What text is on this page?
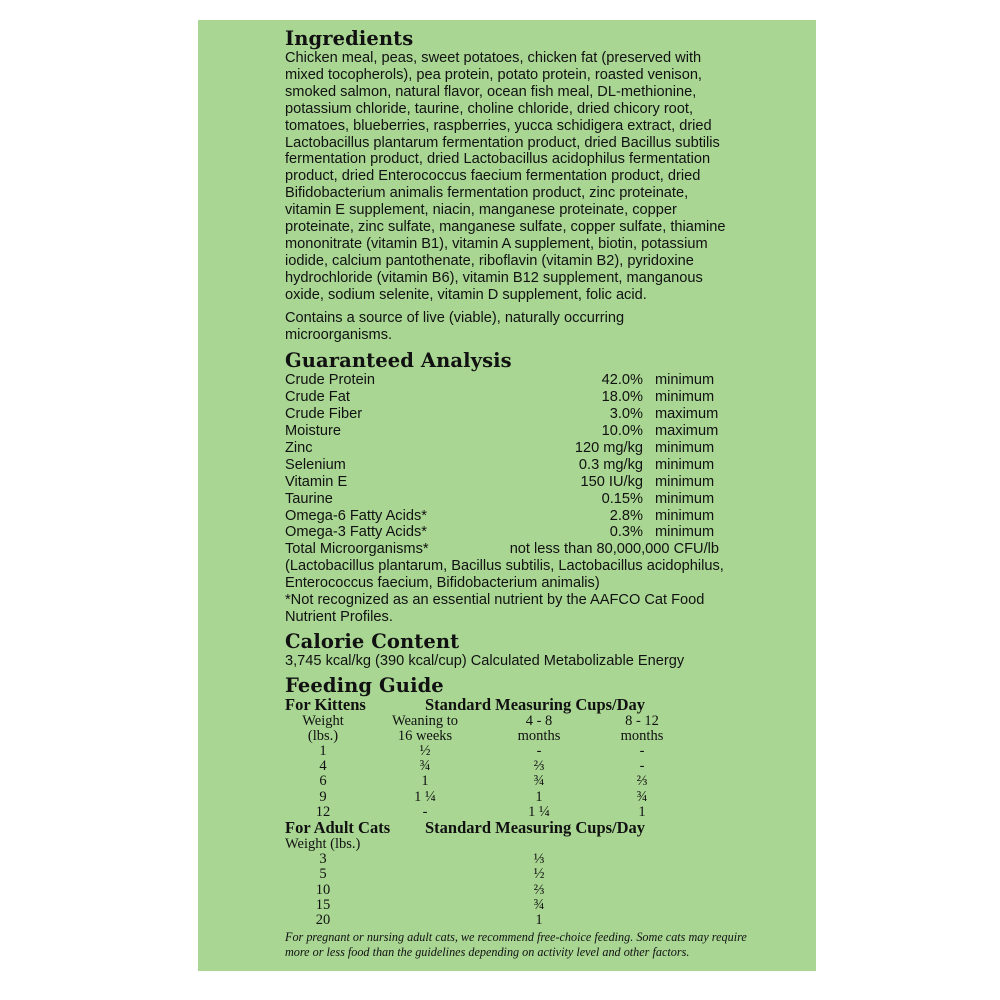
Ingredients

Chicken meal, peas, sweet potatoes, chicken fat (preserved with mixed tocopherols), pea protein, potato protein, roasted venison, smoked salmon, natural flavor, ocean fish meal, DL-methionine, potassium chloride, taurine, choline chloride, dried chicory root, tomatoes, blueberries, raspberries, yucca schidigera extract, dried Lactobacillus plantarum fermentation product, dried Bacillus subtilis fermentation product, dried Lactobacillus acidophilus fermentation product, dried Enterococcus faecium fermentation product, dried Bifidobacterium animalis fermentation product, zinc proteinate, vitamin E supplement, niacin, manganese proteinate, copper proteinate, zinc sulfate, manganese sulfate, copper sulfate, thiamine mononitrate (vitamin B1), vitamin A supplement, biotin, potassium iodide, calcium pantothenate, riboflavin (vitamin B2), pyridoxine hydrochloride (vitamin B6), vitamin B12 supplement, manganous oxide, sodium selenite, vitamin D supplement, folic acid.

Contains a source of live (viable), naturally occurring microorganisms.

Guaranteed Analysis
Crude Protein	42.0% minimum
Crude Fat	18.0% minimum
Crude Fiber	3.0% maximum
Moisture	10.0% maximum
Zinc	120 mg/kg minimum
Selenium	0.3 mg/kg minimum
Vitamin E	150 IU/kg minimum
Taurine	0.15% minimum
Omega-6 Fatty Acids*	2.8% minimum
Omega-3 Fatty Acids*	0.3% minimum
Total Microorganisms*	not less than 80,000,000 CFU/lb

(Lactobacillus plantarum, Bacillus subtilis, Lactobacillus acidophilus, Enterococcus faecium, Bifidobacterium animalis)

*Not recognized as an essential nutrient by the AAFCO Cat Food Nutrient Profiles.

Calorie Content

3,745 kcal/kg (390 kcal/cup) Calculated Metabolizable Energy

Feeding Guide
For Kittens	Standard Measuring Cups/Day
Weight	Weaning to	4 - 8	8 - 12
(lbs.)	16 weeks	months	months
1	½	-	-
4	¾	⅔	-
6	1	¾	⅔
9	1 ¼	1	¾
12	-	1 ¼	1
For Adult Cats Standard Measuring Cups/Day
Weight (lbs.)
3	⅓
5	½
10	⅔
15	¾
20	1

For pregnant or nursing adult cats, we recommend free-choice feeding. Some cats may require more or less food than the guidelines depending on activity level and other factors.
